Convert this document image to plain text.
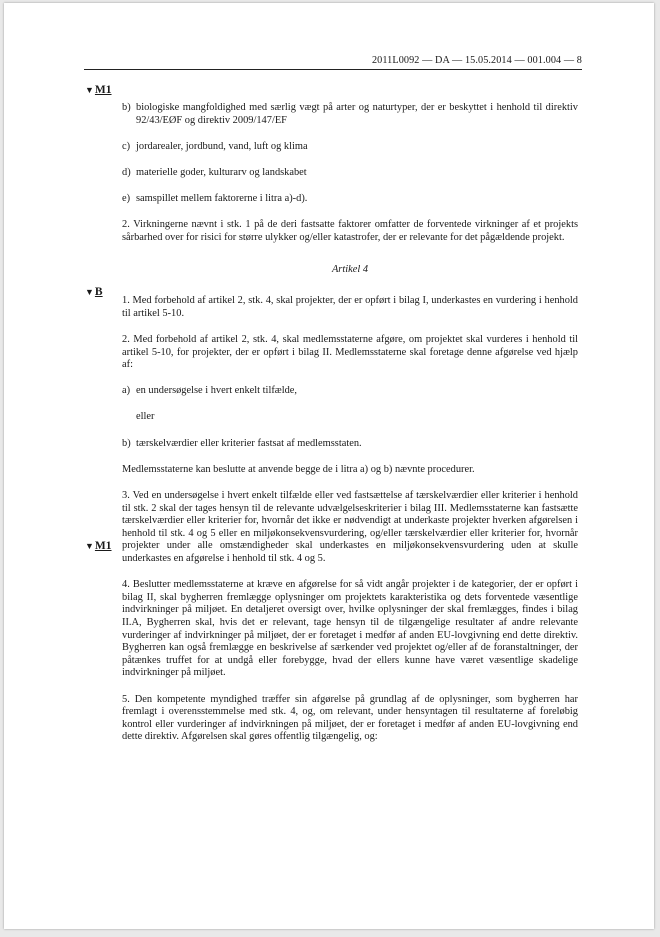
2011L0092 — DA — 15.05.2014 — 001.004 — 8
▼M1
▼B
▼M1

b) biologiske mangfoldighed med særlig vægt på arter og naturtyper, der er beskyttet i henhold til direktiv 92/43/EØF og direktiv 2009/147/EF

c) jordarealer, jordbund, vand, luft og klima

d) materielle goder, kulturarv og landskabet

e) samspillet mellem faktorerne i litra a)-d).

2. Virkningerne nævnt i stk. 1 på de deri fastsatte faktorer omfatter de forventede virkninger af et projekts sårbarhed over for risici for større ulykker og/eller katastrofer, der er relevante for det pågældende projekt.

Artikel 4

1. Med forbehold af artikel 2, stk. 4, skal projekter, der er opført i bilag I, underkastes en vurdering i henhold til artikel 5-10.

2. Med forbehold af artikel 2, stk. 4, skal medlemsstaterne afgøre, om projektet skal vurderes i henhold til artikel 5-10, for projekter, der er opført i bilag II. Medlemsstaterne skal foretage denne afgørelse ved hjælp af:

a) en undersøgelse i hvert enkelt tilfælde,

eller

b) tærskelværdier eller kriterier fastsat af medlemsstaten.

Medlemsstaterne kan beslutte at anvende begge de i litra a) og b) nævnte procedurer.

3. Ved en undersøgelse i hvert enkelt tilfælde eller ved fastsættelse af tærskelværdier eller kriterier i henhold til stk. 2 skal der tages hensyn til de relevante udvælgelseskriterier i bilag III. Medlemsstaterne kan fastsætte tærskelværdier eller kriterier for, hvornår det ikke er nødvendigt at underkaste projekter hverken afgørelsen i henhold til stk. 4 og 5 eller en miljøkonsekvensvurdering, og/eller tærskelværdier eller kriterier for, hvornår projekter under alle omstændigheder skal underkastes en miljøkonsekvensvurdering uden at skulle underkastes en afgørelse i henhold til stk. 4 og 5.

4. Beslutter medlemsstaterne at kræve en afgørelse for så vidt angår projekter i de kategorier, der er opført i bilag II, skal bygherren fremlægge oplysninger om projektets karakteristika og dets forventede væsentlige indvirkninger på miljøet. En detaljeret oversigt over, hvilke oplysninger der skal fremlægges, findes i bilag II.A, Bygherren skal, hvis det er relevant, tage hensyn til de tilgængelige resultater af andre relevante vurderinger af indvirkninger på miljøet, der er foretaget i medfør af anden EU-lovgivning end dette direktiv. Bygherren kan også fremlægge en beskrivelse af særkender ved projektet og/eller af de foranstaltninger, der påtænkes truffet for at undgå eller forebygge, hvad der ellers kunne have været væsentlige skadelige indvirkninger på miljøet.

5. Den kompetente myndighed træffer sin afgørelse på grundlag af de oplysninger, som bygherren har fremlagt i overensstemmelse med stk. 4, og, om relevant, under hensyntagen til resultaterne af foreløbig kontrol eller vurderinger af indvirkningen på miljøet, der er foretaget i medfør af anden EU-lovgivning end dette direktiv. Afgørelsen skal gøres offentlig tilgængelig, og:
